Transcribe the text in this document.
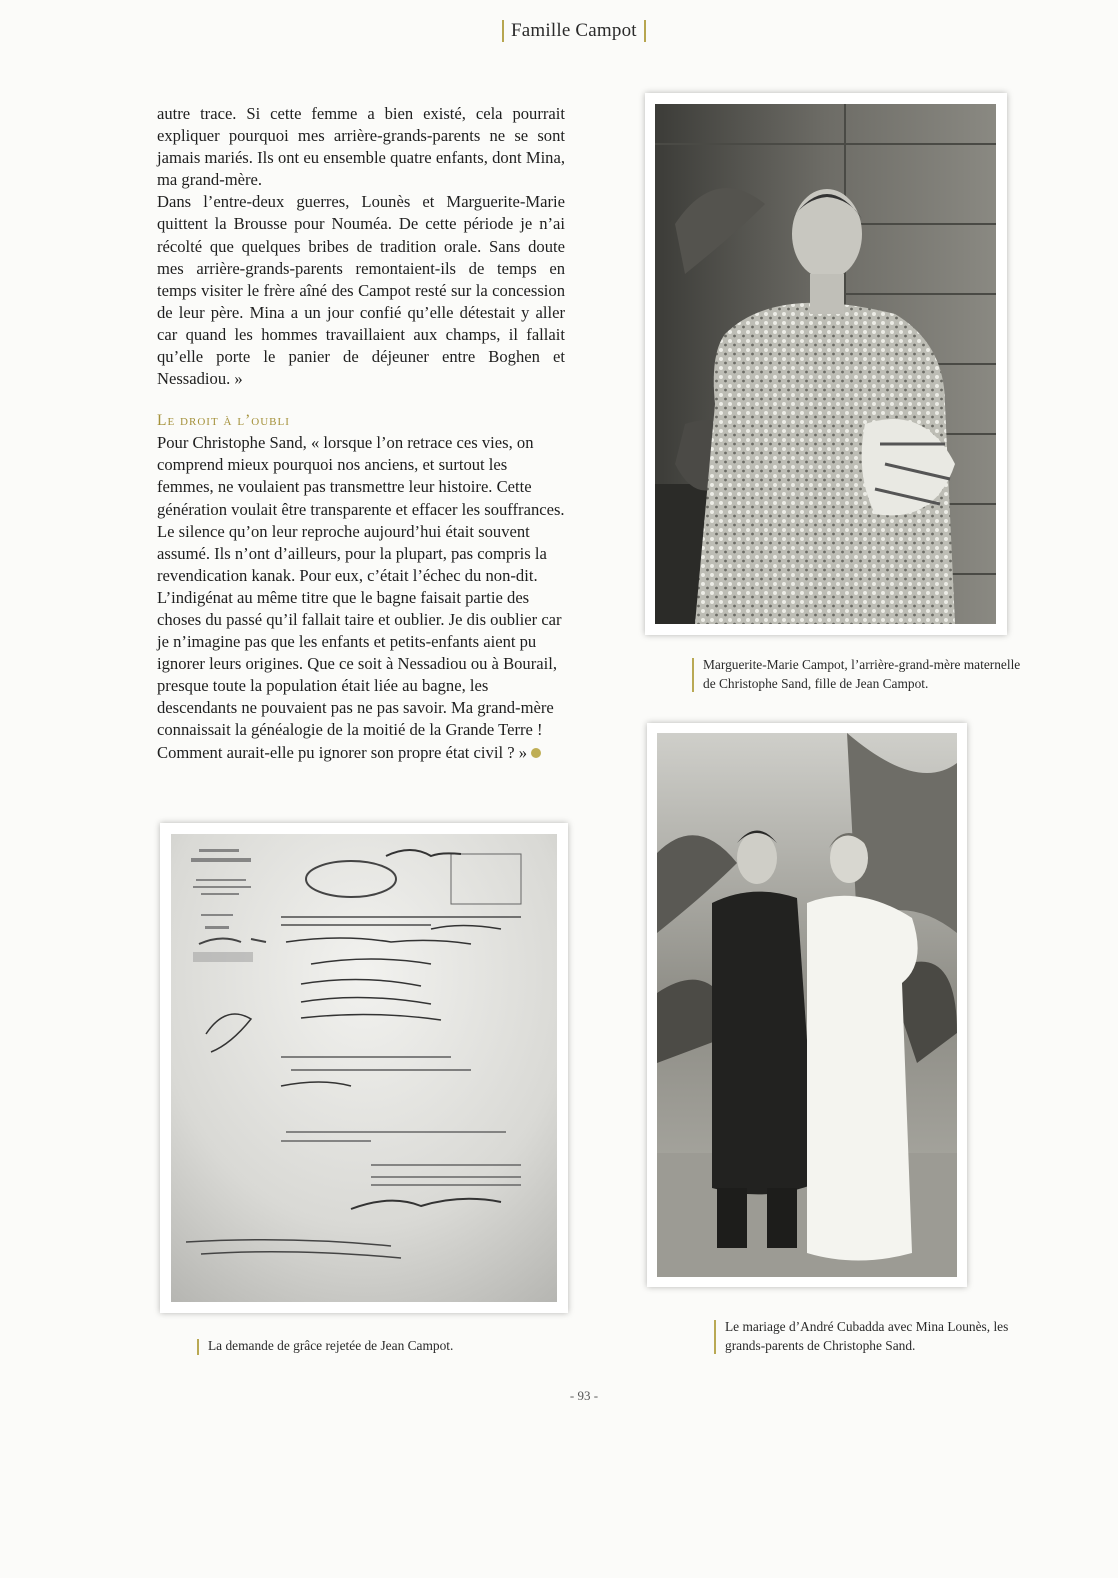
Famille Campot

autre trace. Si cette femme a bien existé, cela pourrait expliquer pourquoi mes arrière-grands-parents ne se sont jamais mariés. Ils ont eu ensemble quatre enfants, dont Mina, ma grand-mère.

Dans l’entre-deux guerres, Lounès et Marguerite-Marie quittent la Brousse pour Nouméa. De cette période je n’ai récolté que quelques bribes de tradition orale. Sans doute mes arrière-grands-parents remontaient-ils de temps en temps visiter le frère aîné des Campot resté sur la concession de leur père. Mina a un jour confié qu’elle détestait y aller car quand les hommes travaillaient aux champs, il fallait qu’elle porte le panier de déjeuner entre Boghen et Nessadiou. »

Le droit à l’oubli

Pour Christophe Sand, « lorsque l’on retrace ces vies, on comprend mieux pourquoi nos anciens, et surtout les femmes, ne voulaient pas transmettre leur histoire. Cette génération voulait être transparente et effacer les souffrances. Le silence qu’on leur reproche aujourd’hui était souvent assumé. Ils n’ont d’ailleurs, pour la plupart, pas compris la revendication kanak. Pour eux, c’était l’échec du non-dit. L’indigénat au même titre que le bagne faisait partie des choses du passé qu’il fallait taire et oublier. Je dis oublier car je n’imagine pas que les enfants et petits-enfants aient pu ignorer leurs origines. Que ce soit à Nessadiou ou à Bourail, presque toute la population était liée au bagne, les descendants ne pouvaient pas ne pas savoir. Ma grand-mère connaissait la généalogie de la moitié de la Grande Terre ! Comment aurait-elle pu ignorer son propre état civil ? »

Marguerite-Marie Campot, l’arrière-grand-mère maternelle de Christophe Sand, fille de Jean Campot.
Le mariage d’André Cubadda avec Mina Lounès, les grands-parents de Christophe Sand.
La demande de grâce rejetée de Jean Campot.
- 93 -
